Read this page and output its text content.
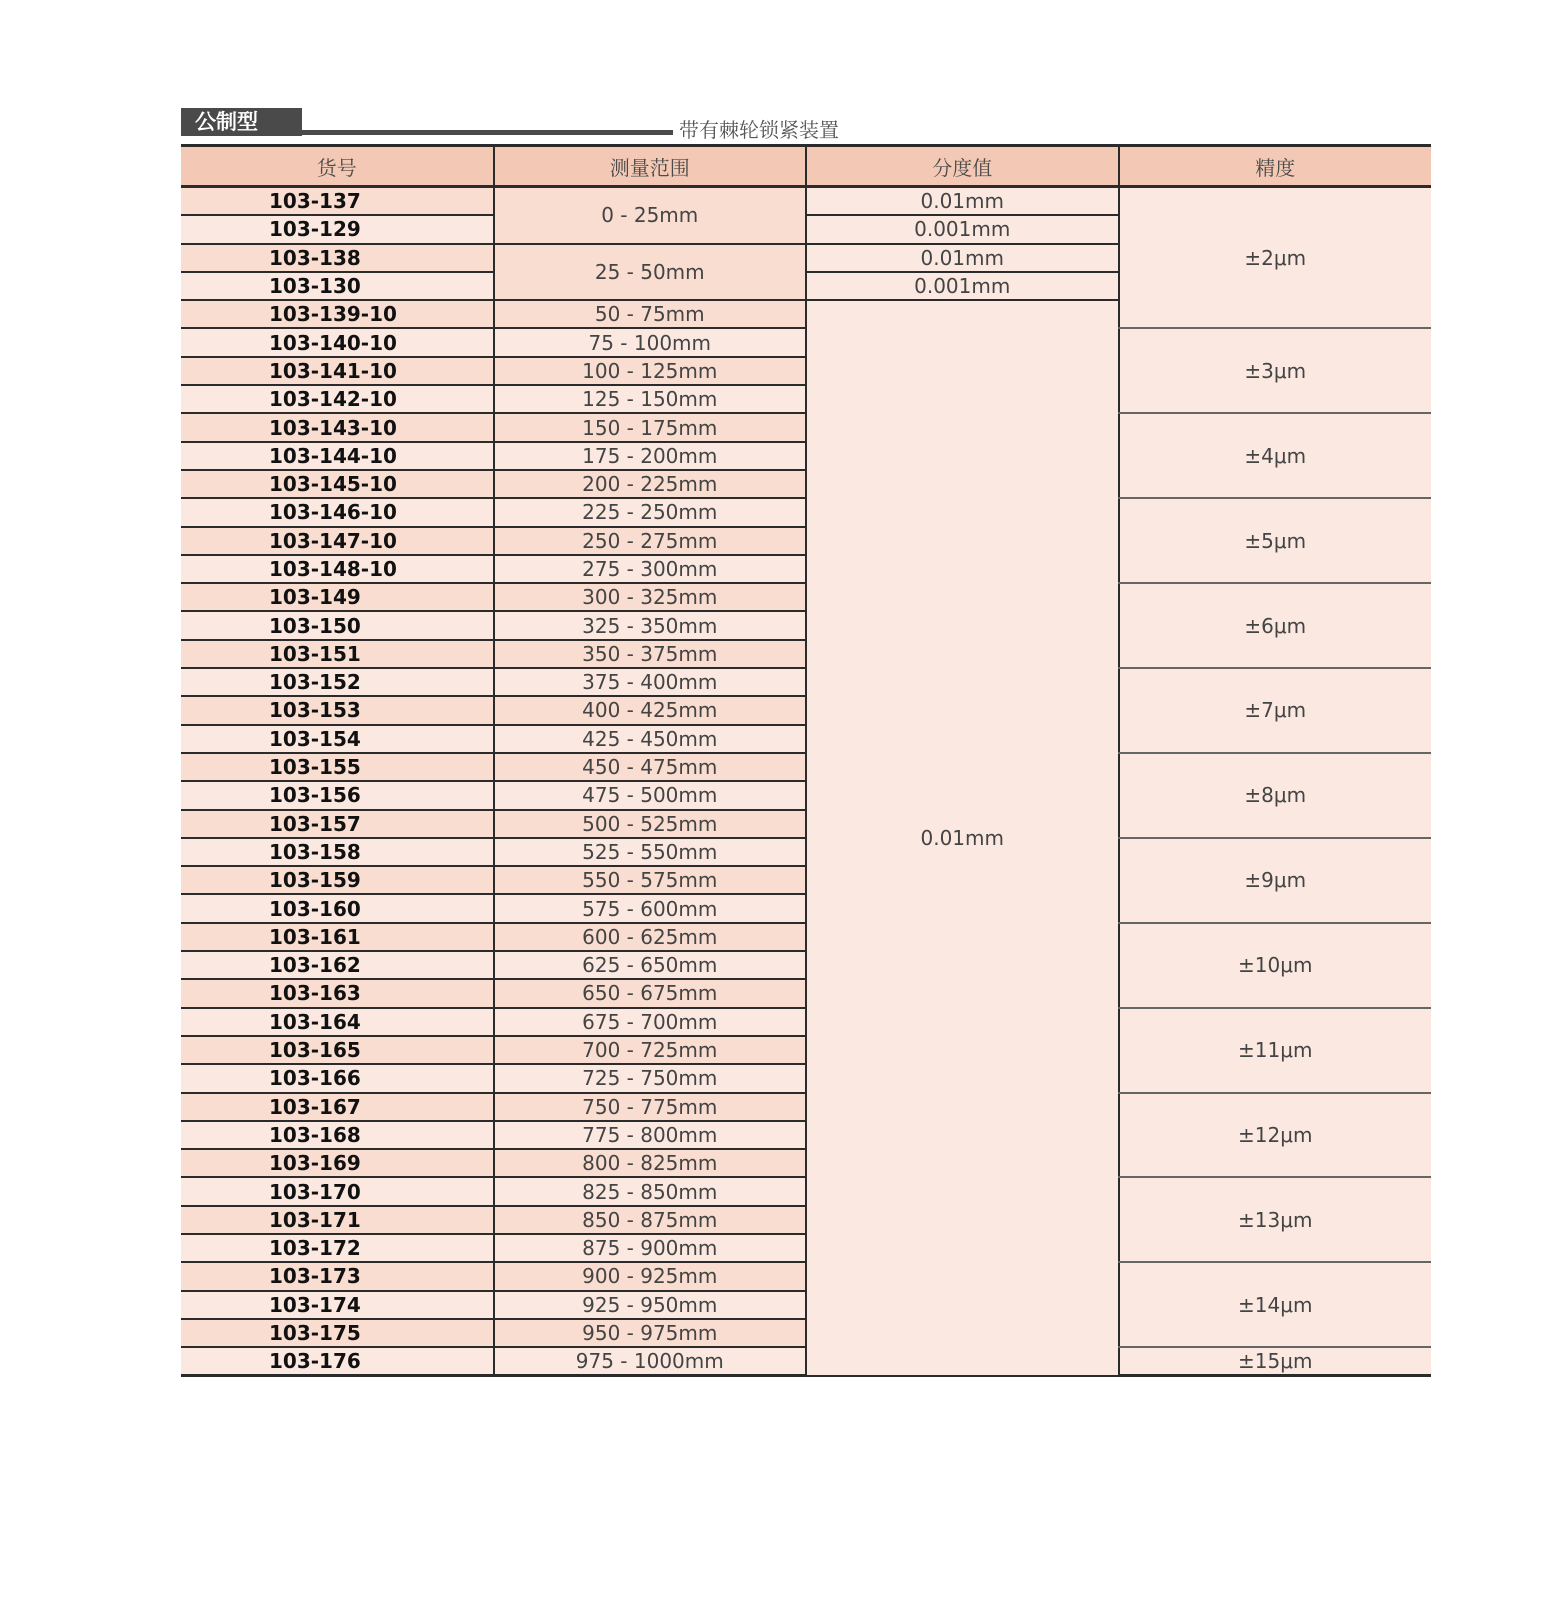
公制型	带有棘轮锁紧装置
货号	测量范围	分度值	精度
103-137	0 - 25mm	0.01mm	±2μm
103-129		0.001mm	
103-138	25 - 50mm	0.01mm	
103-130		0.001mm	
103-139-10	50 - 75mm	0.01mm	
103-140-10	75 - 100mm		±3μm
103-141-10	100 - 125mm		
103-142-10	125 - 150mm		
103-143-10	150 - 175mm		±4μm
103-144-10	175 - 200mm		
103-145-10	200 - 225mm		
103-146-10	225 - 250mm		±5μm
103-147-10	250 - 275mm		
103-148-10	275 - 300mm		
103-149	300 - 325mm		±6μm
103-150	325 - 350mm		
103-151	350 - 375mm		
103-152	375 - 400mm		±7μm
103-153	400 - 425mm		
103-154	425 - 450mm		
103-155	450 - 475mm		±8μm
103-156	475 - 500mm		
103-157	500 - 525mm		
103-158	525 - 550mm		±9μm
103-159	550 - 575mm		
103-160	575 - 600mm		
103-161	600 - 625mm		±10μm
103-162	625 - 650mm		
103-163	650 - 675mm		
103-164	675 - 700mm		±11μm
103-165	700 - 725mm		
103-166	725 - 750mm		
103-167	750 - 775mm		±12μm
103-168	775 - 800mm		
103-169	800 - 825mm		
103-170	825 - 850mm		±13μm
103-171	850 - 875mm		
103-172	875 - 900mm		
103-173	900 - 925mm		±14μm
103-174	925 - 950mm		
103-175	950 - 975mm		
103-176	975 - 1000mm		±15μm
